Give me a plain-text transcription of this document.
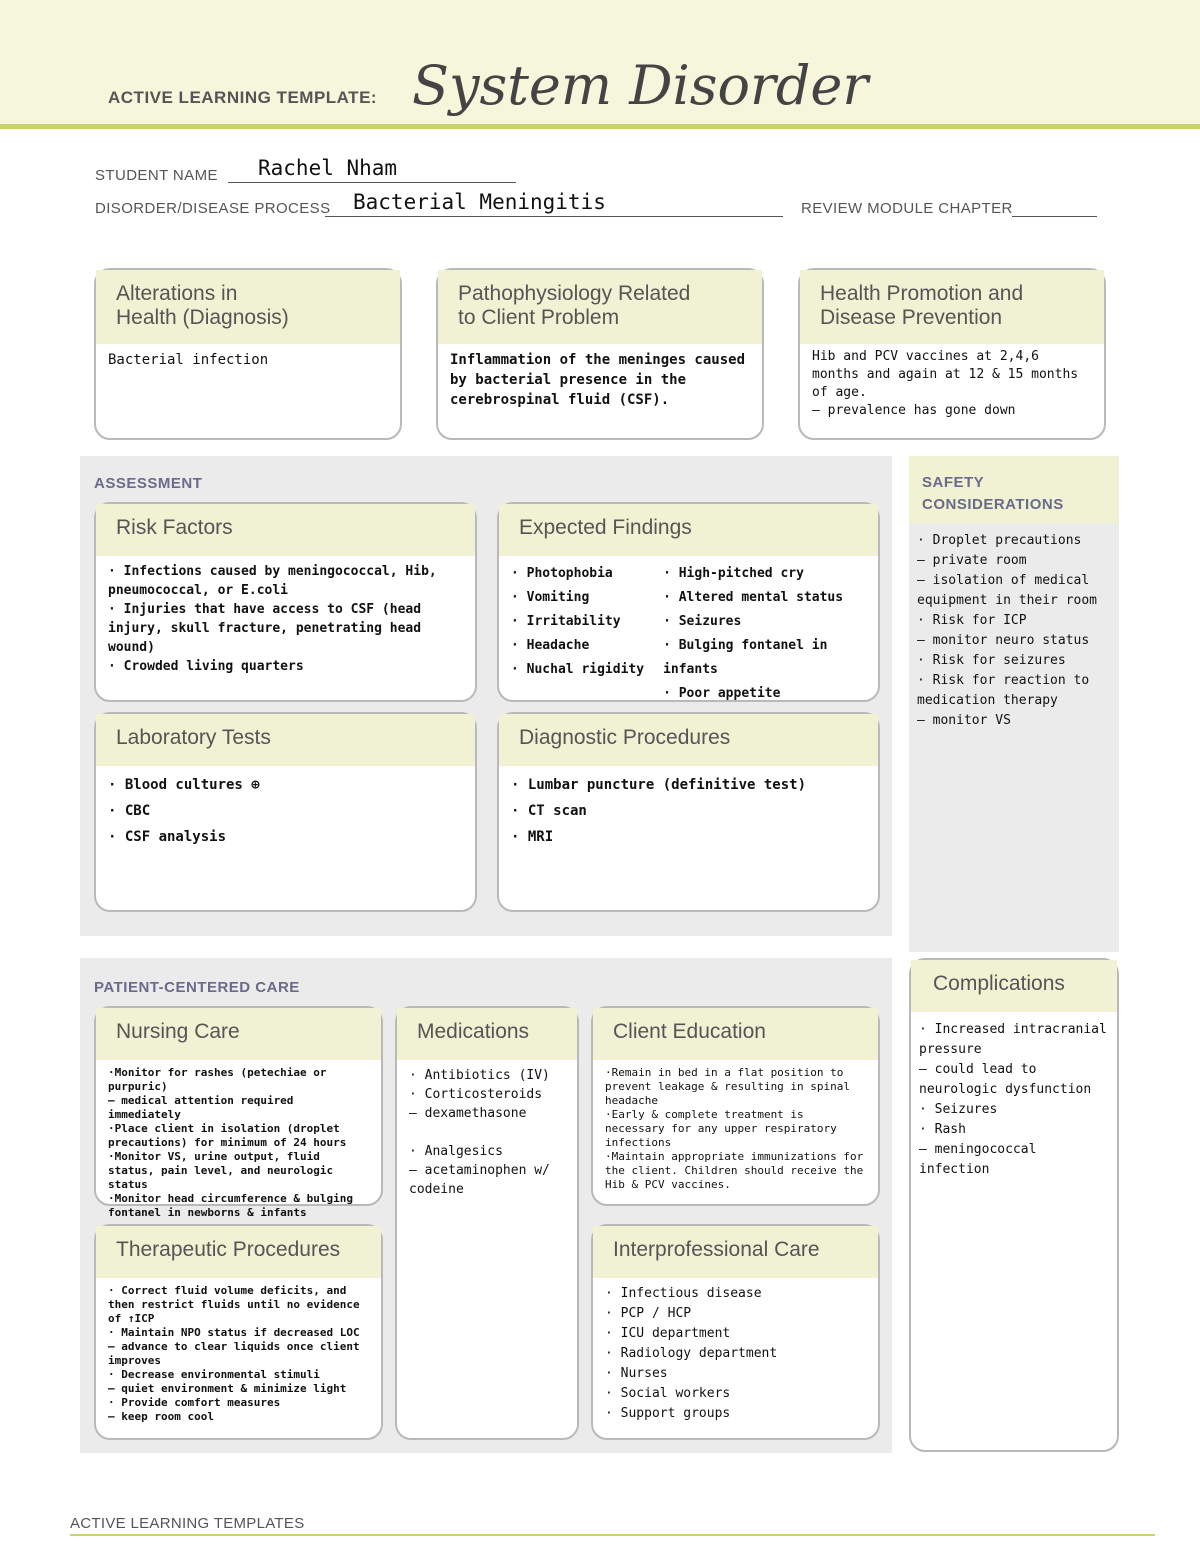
ACTIVE LEARNING TEMPLATE: System Disorder
STUDENT NAME Rachel Nham
DISORDER/DISEASE PROCESS Bacterial Meningitis	REVIEW MODULE CHAPTER
Alterations in
Health (Diagnosis)
Bacterial infection
Pathophysiology Related
to Client Problem
Inflammation of the meninges caused by bacterial presence in the cerebrospinal fluid (CSF).
Health Promotion and
Disease Prevention
Hib and PCV vaccines at 2,4,6 months and again at 12 & 15 months of age.
— prevalence has gone down
ASSESSMENT
Risk Factors
· Infections caused by meningococcal, Hib, pneumococcal, or E.coli
· Injuries that have access to CSF (head injury, skull fracture, penetrating head wound)
· Crowded living quarters
Expected Findings
· Photophobia
· Vomiting
· Irritability
· Headache
· Nuchal rigidity
· High-pitched cry
· Altered mental status
· Seizures
· Bulging fontanel in infants
· Poor appetite
Laboratory Tests
· Blood cultures ⊕
· CBC
· CSF analysis
Diagnostic Procedures
· Lumbar puncture (definitive test)
· CT scan
· MRI
SAFETY
CONSIDERATIONS
· Droplet precautions
— private room
— isolation of medical equipment in their room
· Risk for ICP
— monitor neuro status
· Risk for seizures
· Risk for reaction to medication therapy
— monitor VS
PATIENT-CENTERED CARE
Nursing Care
·Monitor for rashes (petechiae or purpuric)
— medical attention required immediately
·Place client in isolation (droplet precautions) for minimum of 24 hours
·Monitor VS, urine output, fluid status, pain level, and neurologic status
·Monitor head circumference & bulging fontanel in newborns & infants
Medications
· Antibiotics (IV)
· Corticosteroids
— dexamethasone

· Analgesics
— acetaminophen w/ codeine
Client Education
·Remain in bed in a flat position to prevent leakage & resulting in spinal headache
·Early & complete treatment is necessary for any upper respiratory infections
·Maintain appropriate immunizations for the client. Children should receive the Hib & PCV vaccines.
Therapeutic Procedures
· Correct fluid volume deficits, and then restrict fluids until no evidence of ↑ICP
· Maintain NPO status if decreased LOC
— advance to clear liquids once client improves
· Decrease environmental stimuli
— quiet environment & minimize light
· Provide comfort measures
— keep room cool
Interprofessional Care
· Infectious disease
· PCP / HCP
· ICU department
· Radiology department
· Nurses
· Social workers
· Support groups
Complications
· Increased intracranial pressure
— could lead to neurologic dysfunction
· Seizures
· Rash
— meningococcal infection
ACTIVE LEARNING TEMPLATES
